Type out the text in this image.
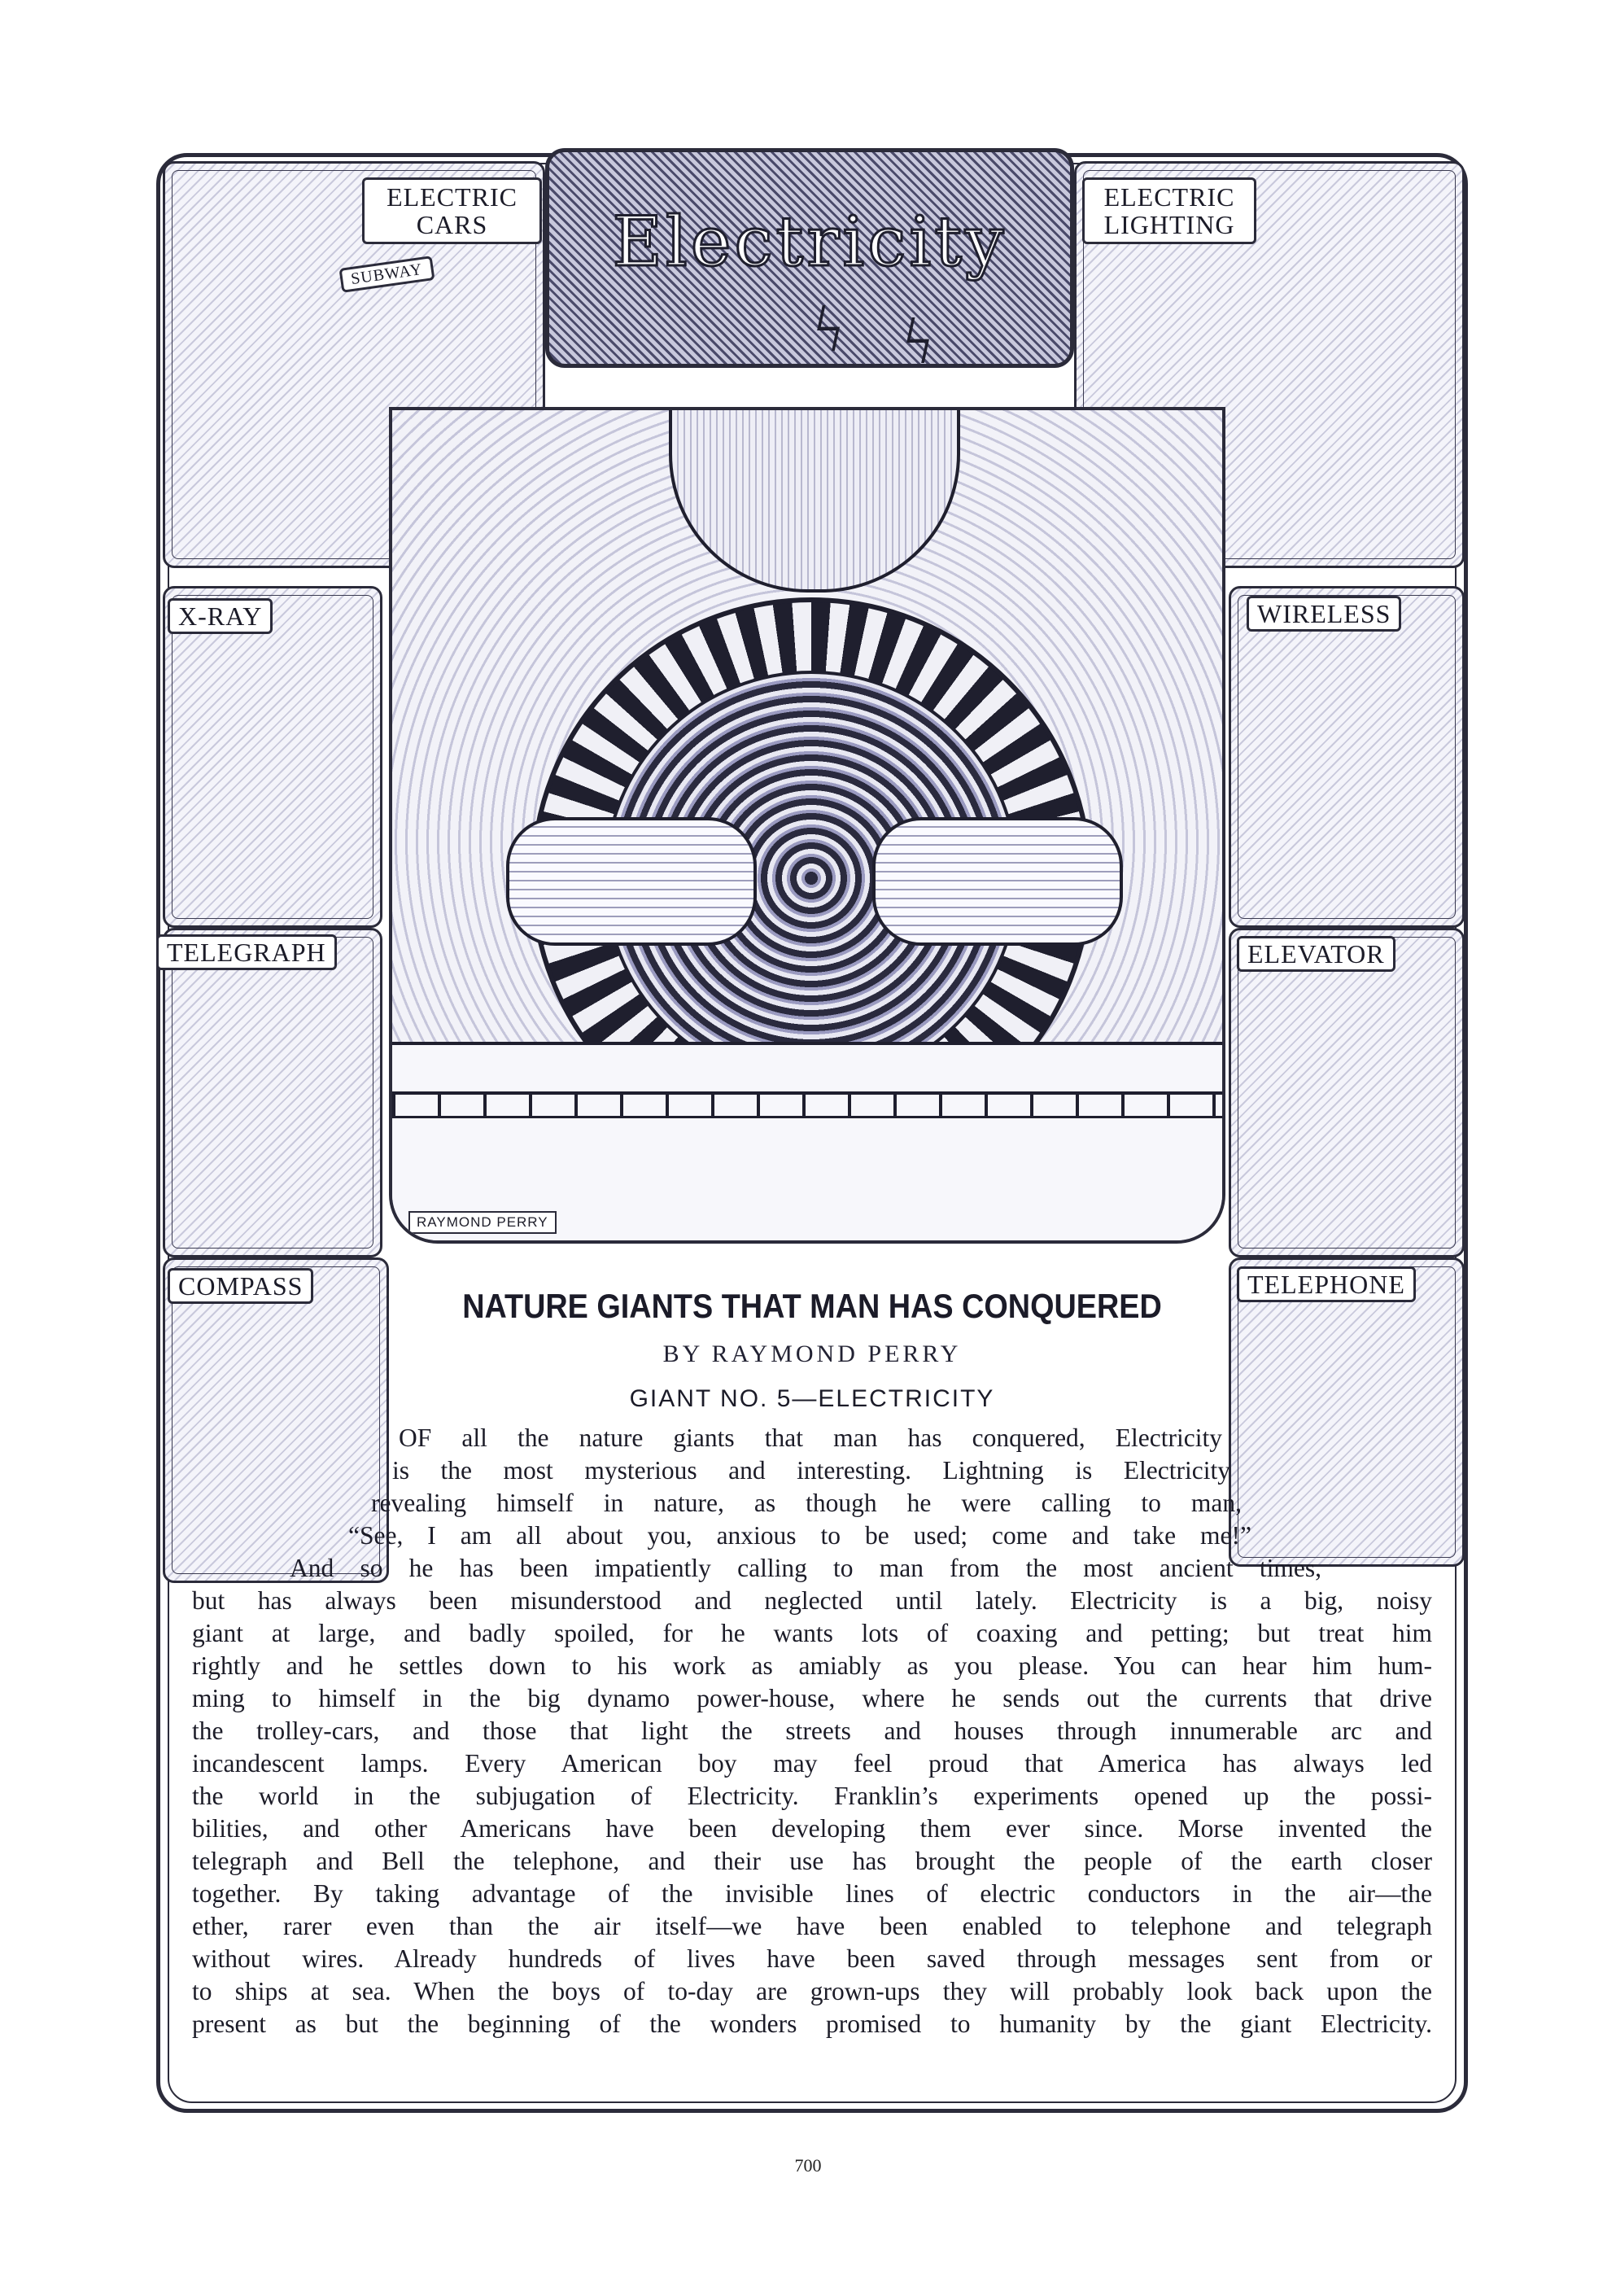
ELECTRIC
CARS
SUBWAY
X-RAY
TELEGRAPH
COMPASS
ELECTRIC
LIGHTING
WIRELESS
ELEVATOR
TELEPHONE
RAYMOND PERRY
Electricity
ϟ ϟ
NATURE GIANTS THAT MAN HAS CONQUERED
BY RAYMOND PERRY
GIANT NO. 5—ELECTRICITY
OF all the nature giants that man has conquered, Electricity
is the most mysterious and interesting. Lightning is Electricity
revealing himself in nature, as though he were calling to man,
“See, I am all about you, anxious to be used; come and take me!”
And so he has been impatiently calling to man from the most ancient times,
but has always been misunderstood and neglected until lately. Electricity is a big, noisy
giant at large, and badly spoiled, for he wants lots of coaxing and petting; but treat him
rightly and he settles down to his work as amiably as you please. You can hear him hum-
ming to himself in the big dynamo power-house, where he sends out the currents that drive
the trolley-cars, and those that light the streets and houses through innumerable arc and
incandescent lamps. Every American boy may feel proud that America has always led
the world in the subjugation of Electricity. Franklin’s experiments opened up the possi-
bilities, and other Americans have been developing them ever since. Morse invented the
telegraph and Bell the telephone, and their use has brought the people of the earth closer
together. By taking advantage of the invisible lines of electric conductors in the air—the
ether, rarer even than the air itself—we have been enabled to telephone and telegraph
without wires. Already hundreds of lives have been saved through messages sent from or
to ships at sea. When the boys of to-day are grown-ups they will probably look back upon the
present as but the beginning of the wonders promised to humanity by the giant Electricity.
700
